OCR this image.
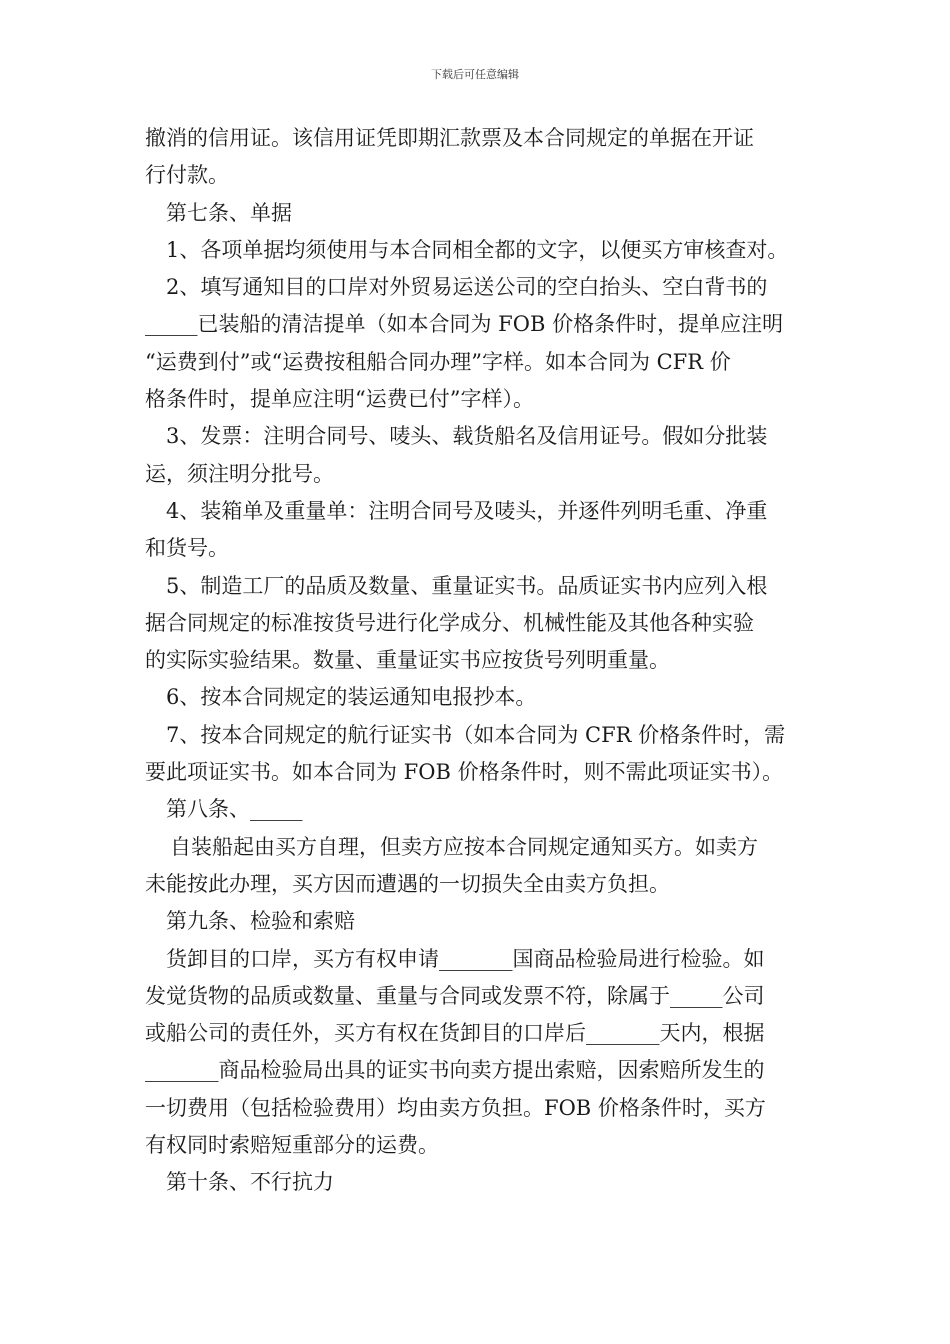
下载后可任意编辑

撤消的信用证。该信用证凭即期汇款票及本合同规定的单据在开证

行付款。

第七条、单据

1、各项单据均须使用与本合同相全都的文字，以便买方审核查对。

2、填写通知目的口岸对外贸易运送公司的空白抬头、空白背书的

_____已装船的清洁提单（如本合同为 FOB 价格条件时，提单应注明

“运费到付”或“运费按租船合同办理”字样。如本合同为 CFR 价

格条件时，提单应注明“运费已付”字样）。

3、发票：注明合同号、唛头、载货船名及信用证号。假如分批装

运，须注明分批号。

4、装箱单及重量单：注明合同号及唛头，并逐件列明毛重、净重

和货号。

5、制造工厂的品质及数量、重量证实书。品质证实书内应列入根

据合同规定的标准按货号进行化学成分、机械性能及其他各种实验

的实际实验结果。数量、重量证实书应按货号列明重量。

6、按本合同规定的装运通知电报抄本。

7、按本合同规定的航行证实书（如本合同为 CFR 价格条件时，需

要此项证实书。如本合同为 FOB 价格条件时，则不需此项证实书）。

第八条、_____

自装船起由买方自理，但卖方应按本合同规定通知买方。如卖方

未能按此办理，买方因而遭遇的一切损失全由卖方负担。

第九条、检验和索赔

货卸目的口岸，买方有权申请_______国商品检验局进行检验。如

发觉货物的品质或数量、重量与合同或发票不符，除属于_____公司

或船公司的责任外，买方有权在货卸目的口岸后_______天内，根据

_______商品检验局出具的证实书向卖方提出索赔，因索赔所发生的

一切费用（包括检验费用）均由卖方负担。FOB 价格条件时，买方

有权同时索赔短重部分的运费。

第十条、不行抗力
